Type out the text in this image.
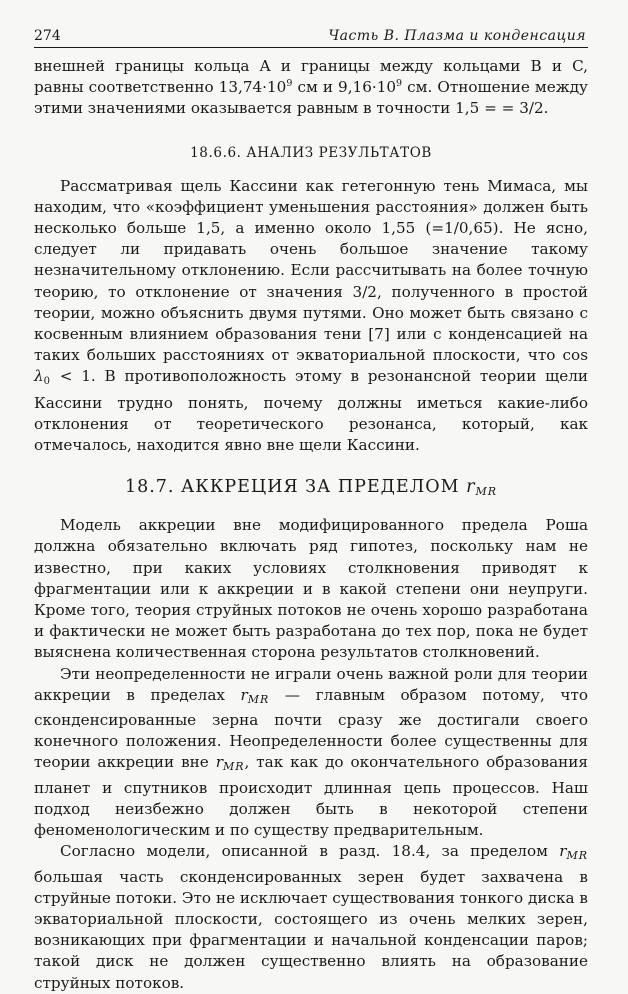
274	Часть B. Плазма и конденсация

внешней границы кольца A и границы между кольцами B и C, равны соответственно $13,74\cdot 10^9$ см и $9,16\cdot 10^9$ см. Отношение между этими значениями оказывается равным в точности 1,5 = = 3/2.

18.6.6. АНАЛИЗ РЕЗУЛЬТАТОВ

Рассматривая щель Кассини как гетегонную тень Мимаса, мы находим, что «коэффициент уменьшения расстояния» должен быть несколько больше 1,5, а именно около 1,55 (=1/0,65). Не ясно, следует ли придавать очень большое значение такому незначительному отклонению. Если рассчитывать на более точную теорию, то отклонение от значения 3/2, полученного в простой теории, можно объяснить двумя путями. Оно может быть связано с косвенным влиянием образования тени [7] или с конденсацией на таких больших расстояниях от экваториальной плоскости, что $\cos \lambda_0 < 1$. В противоположность этому в резонансной теории щели Кассини трудно понять, почему должны иметься какие-либо отклонения от теоретического резонанса, который, как отмечалось, находится явно вне щели Кассини.

18.7. АККРЕЦИЯ ЗА ПРЕДЕЛОМ $r_{MR}$

Модель аккреции вне модифицированного предела Роша должна обязательно включать ряд гипотез, поскольку нам не известно, при каких условиях столкновения приводят к фрагментации или к аккреции и в какой степени они неупруги. Кроме того, теория струйных потоков не очень хорошо разработана и фактически не может быть разработана до тех пор, пока не будет выяснена количественная сторона результатов столкновений.

Эти неопределенности не играли очень важной роли для теории аккреции в пределах $r_{MR}$ — главным образом потому, что сконденсированные зерна почти сразу же достигали своего конечного положения. Неопределенности более существенны для теории аккреции вне $r_{MR}$, так как до окончательного образования планет и спутников происходит длинная цепь процессов. Наш подход неизбежно должен быть в некоторой степени феноменологическим и по существу предварительным.

Согласно модели, описанной в разд. 18.4, за пределом $r_{MR}$ большая часть сконденсированных зерен будет захвачена в струйные потоки. Это не исключает существования тонкого диска в экваториальной плоскости, состоящего из очень мелких зерен, возникающих при фрагментации и начальной конденсации паров; такой диск не должен существенно влиять на образование струйных потоков.
